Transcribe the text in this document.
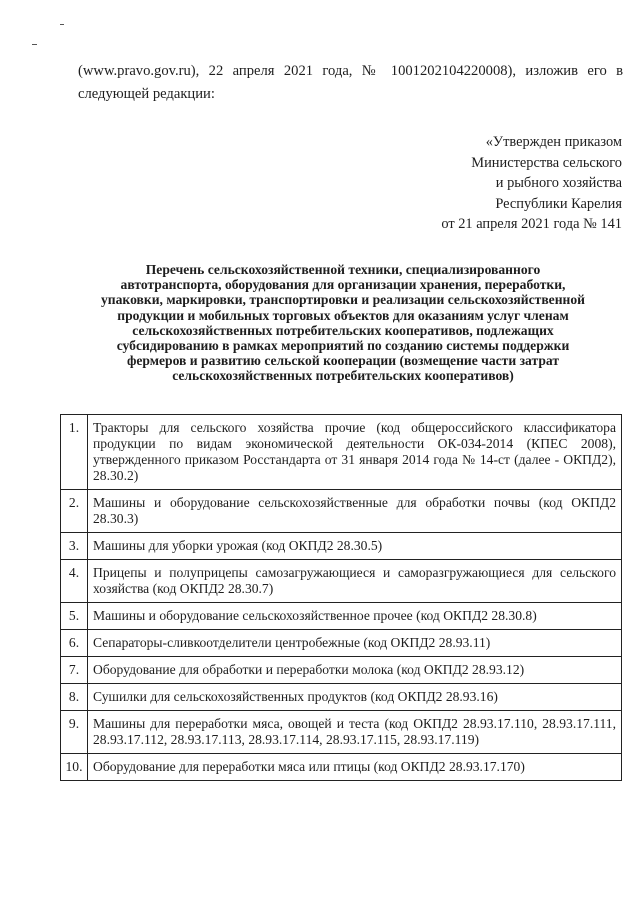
(www.pravo.gov.ru), 22 апреля 2021 года, № 1001202104220008), изложив его в следующей редакции:

«Утвержден приказом
Министерства сельского
и рыбного хозяйства
Республики Карелия
от 21 апреля 2021 года № 141
Перечень сельскохозяйственной техники, специализированного
автотранспорта, оборудования для организации хранения, переработки,
упаковки, маркировки, транспортировки и реализации сельскохозяйственной
продукции и мобильных торговых объектов для оказаниям услуг членам
сельскохозяйственных потребительских кооперативов, подлежащих
субсидированию в рамках мероприятий по созданию системы поддержки
фермеров и развитию сельской кооперации (возмещение части затрат
сельскохозяйственных потребительских кооперативов)
1.	Тракторы для сельского хозяйства прочие (код общероссийского классификатора продукции по видам экономической деятельности ОК-034-2014 (КПЕС 2008), утвержденного приказом Росстандарта от 31 января 2014 года № 14-ст (далее - ОКПД2), 28.30.2)
2.	Машины и оборудование сельскохозяйственные для обработки почвы (код ОКПД2 28.30.3)
3.	Машины для уборки урожая (код ОКПД2 28.30.5)
4.	Прицепы и полуприцепы самозагружающиеся и саморазгружающиеся для сельского хозяйства (код ОКПД2 28.30.7)
5.	Машины и оборудование сельскохозяйственное прочее (код ОКПД2 28.30.8)
6.	Сепараторы-сливкоотделители центробежные (код ОКПД2 28.93.11)
7.	Оборудование для обработки и переработки молока (код ОКПД2 28.93.12)
8.	Сушилки для сельскохозяйственных продуктов (код ОКПД2 28.93.16)
9.	Машины для переработки мяса, овощей и теста (код ОКПД2 28.93.17.110, 28.93.17.111, 28.93.17.112, 28.93.17.113, 28.93.17.114, 28.93.17.115, 28.93.17.119)
10.	Оборудование для переработки мяса или птицы (код ОКПД2 28.93.17.170)
